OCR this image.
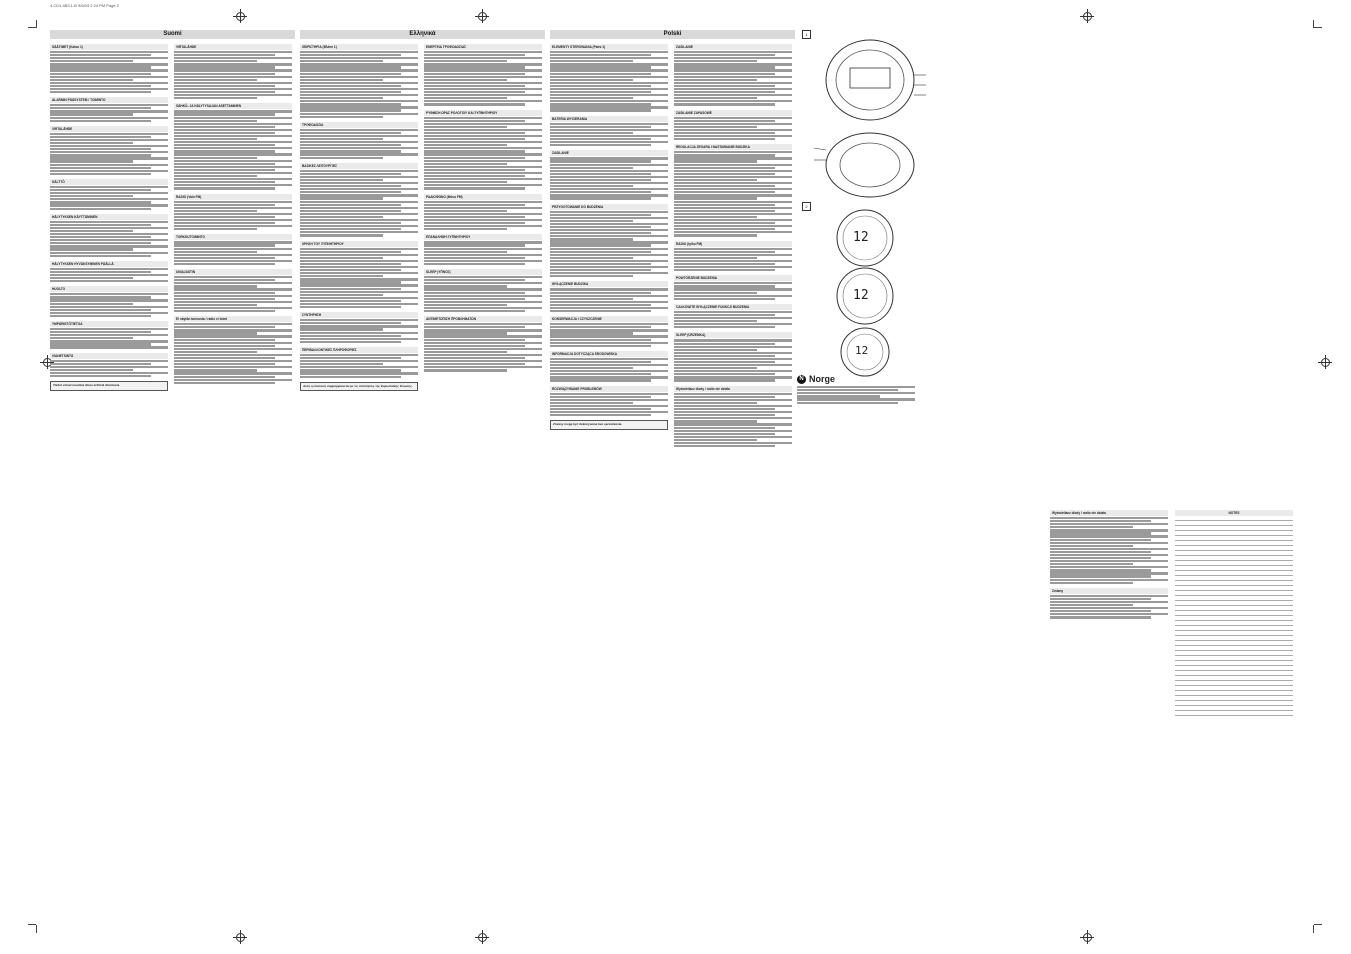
4.CD1.4B3.1-B 9/6/03 2:24 PM Page 2
Suomi
SÄÄTIMET (Katso 1)
ALARMIN PÄÄSYSTEM / TOIMINTO
VIRTALÄHDE
KÄLTTÖ
HÄLYTYKSEN KÄYTTÄMINEN
HÄLYTYKSEN HYVÄKSYMINEN PÄÄLLÄ
HUOLTO
YMPÄRISTÖTIETOA
VIANETSINTÄ
Tiedot voivat muuttua ilman erillistä ilmoitusta.
VIRTALÄHDE
SÄHKÖ- JA HÄLYTYSAJAN ASETTAMINEN
RADIO (Vain FM)
TORKKUTOIMINTO
UNIAJASTIN
Ei näytön tunnusta / radio ei toimi
Ελληνικά
ΧΕΙΡΙΣΤΗΡΙΑ (Βλέπε 1)
ΤΡΟΦΟΔΟΣΙΑ
ΒΑΣΙΚΕΣ ΛΕΙΤΟΥΡΓΙΕΣ
ΧΡΗΣΗ ΤΟΥ ΞΥΠΝΗΤΗΡΙΟΥ
ΣΥΝΤΗΡΗΣΗ
ΠΕΡΙΒΑΛΛΟΝΤΙΚΕΣ ΠΛΗΡΟΦΟΡΙΕΣ
Αυτή η συσκευή συμμορφώνεται με τις απαιτήσεις της Ευρωπαϊκής Ένωσης.
ΕΝΕΡΓΕΙΑ ΤΡΟΦΟΔΟΣΙΑΣ
ΡΥΘΜΙΣΗ ΩΡΑΣ ΡΟΛΟΓΙΟΥ ΚΑΙ ΞΥΠΝΗΤΗΡΙΟΥ
ΡΑΔΙΟΦΩΝΟ (Μόνο FM)
ΕΠΑΝΑΛΗΨΗ ΞΥΠΝΗΤΗΡΙΟΥ
SLEEP (ΥΠΝΟΣ)
ΑΝΤΙΜΕΤΩΠΙΣΗ ΠΡΟΒΛΗΜΑΤΩΝ
Polski
ELEMENTY STEROWANIA (Patrz 1)
BATERIA WYCIERANIA
ZASILANIE
PRZYGOTOWANIE DO BUDZENIA
WYŁĄCZENIE BUDZIKA
KONSERWACJA I CZYSZCZENIE
INFORMACJA DOTYCZĄCA ŚRODOWISKA
ROZWIĄZYWANIE PROBLEMÓW
Zmiany mogą być dokonywane bez uprzedzenia.
ZASILANIE
ZASILANIE ZAPASOWE
REGULACJA ZEGARA I NASTAWIANIE BUDZIKA
RADIO (tylko FM)
POWTÓRZENIE BUDZENIA
CAŁKOWITE WYŁĄCZENIE FUNKCJI BUDZENIA
SLEEP (DRZEMKA)
Wyświetlacz diody / radio nie działa
1
2
12
12
12
N Norge
NOTES
Wyświetlacz diody / radio nie działa
Zmiany
